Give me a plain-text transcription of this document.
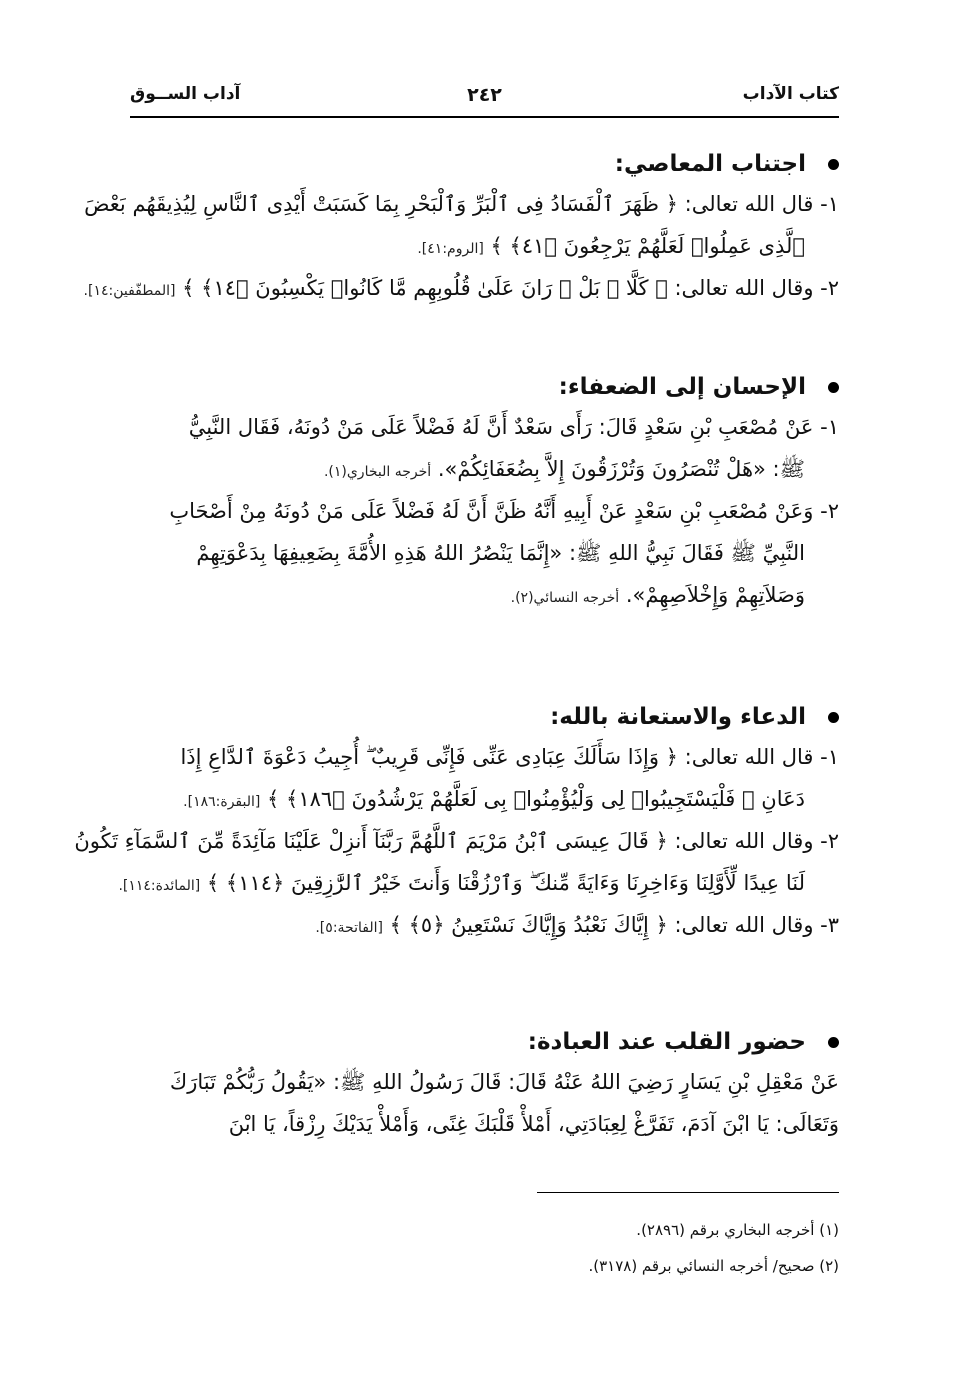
كتاب الآداب
٢٤٢
آداب الســوق
اجتناب المعاصي:
١- قال الله تعالى: ﴿ ظَهَرَ ٱلْفَسَادُ فِى ٱلْبَرِّ وَٱلْبَحْرِ بِمَا كَسَبَتْ أَيْدِى ٱلنَّاسِ لِيُذِيقَهُم بَعْضَ
ٱلَّذِى عَمِلُوا۟ لَعَلَّهُمْ يَرْجِعُونَ ﴿٤١﴾ ﴾ [الروم:٤١].
٢- وقال الله تعالى: ﴿ كَلَّا ۖ بَلْ ۜ رَانَ عَلَىٰ قُلُوبِهِم مَّا كَانُوا۟ يَكْسِبُونَ ﴿١٤﴾ ﴾ [المطفّفين:١٤].
الإحسان إلى الضعفاء:
١- عَنْ مُصْعَبِ بْنِ سَعْدٍ قَالَ: رَأَى سَعْدٌ أَنَّ لَهُ فَضْلاً عَلَى مَنْ دُونَهُ، فَقَال النَّبِيُّ
ﷺ: «هَلْ تُنْصَرُونَ وَتُرْزَقُونَ إِلاَّ بِضُعَفَائِكُمْ». أخرجه البخاري(١).
٢- وَعَنْ مُصْعَبِ بْنِ سَعْدٍ عَنْ أَبِيهِ أَنَّهُ ظَنَّ أَنَّ لَهُ فَضْلاً عَلَى مَنْ دُونَهُ مِنْ أَصْحَابِ
النَّبِيِّ ﷺ فَقَالَ نَبِيُّ اللهِ ﷺ: «إِنَّمَا يَنْصُرُ اللهُ هَذِهِ الأُمَّةَ بِضَعِيفِهَا بِدَعْوَتِهِمْ
وَصَلاَتِهِمْ وَإِخْلاَصِهِمْ». أخرجه النسائي(٢).
الدعاء والاستعانة بالله:
١- قال الله تعالى: ﴿ وَإِذَا سَأَلَكَ عِبَادِى عَنِّى فَإِنِّى قَرِيبٌ ۖ أُجِيبُ دَعْوَةَ ٱلدَّاعِ إِذَا
دَعَانِ ۖ فَلْيَسْتَجِيبُوا۟ لِى وَلْيُؤْمِنُوا۟ بِى لَعَلَّهُمْ يَرْشُدُونَ ﴿١٨٦﴾ ﴾ [البقرة:١٨٦].
٢- وقال الله تعالى: ﴿ قَالَ عِيسَى ٱبْنُ مَرْيَمَ ٱللَّهُمَّ رَبَّنَآ أَنزِلْ عَلَيْنَا مَآئِدَةً مِّنَ ٱلسَّمَآءِ تَكُونُ
لَنَا عِيدًا لِّأَوَّلِنَا وَءَاخِرِنَا وَءَايَةً مِّنكَ ۖ وَٱرْزُقْنَا وَأَنتَ خَيْرُ ٱلرَّٰزِقِينَ ﴿١١٤﴾ ﴾ [المائدة:١١٤].
٣- وقال الله تعالى: ﴿ إِيَّاكَ نَعْبُدُ وَإِيَّاكَ نَسْتَعِينُ ﴿٥﴾ ﴾ [الفاتحة:٥].
حضور القلب عند العبادة:
عَنْ مَعْقِلِ بْنِ يَسَارٍ رَضِيَ اللهُ عَنْهُ قَالَ: قَالَ رَسُولُ اللهِ ﷺ: «يَقُولُ رَبُّكُمْ تَبَارَكَ
وَتَعَالَى: يَا ابْنَ آدَمَ، تَفَرَّغْ لِعِبَادَتِي، أَمْلأْ قَلْبَكَ غِنًى، وَأَمْلأْ يَدَيْكَ رِزْقاً، يَا ابْنَ
(١) أخرجه البخاري برقم (٢٨٩٦).
(٢) صحيح/ أخرجه النسائي برقم (٣١٧٨).
